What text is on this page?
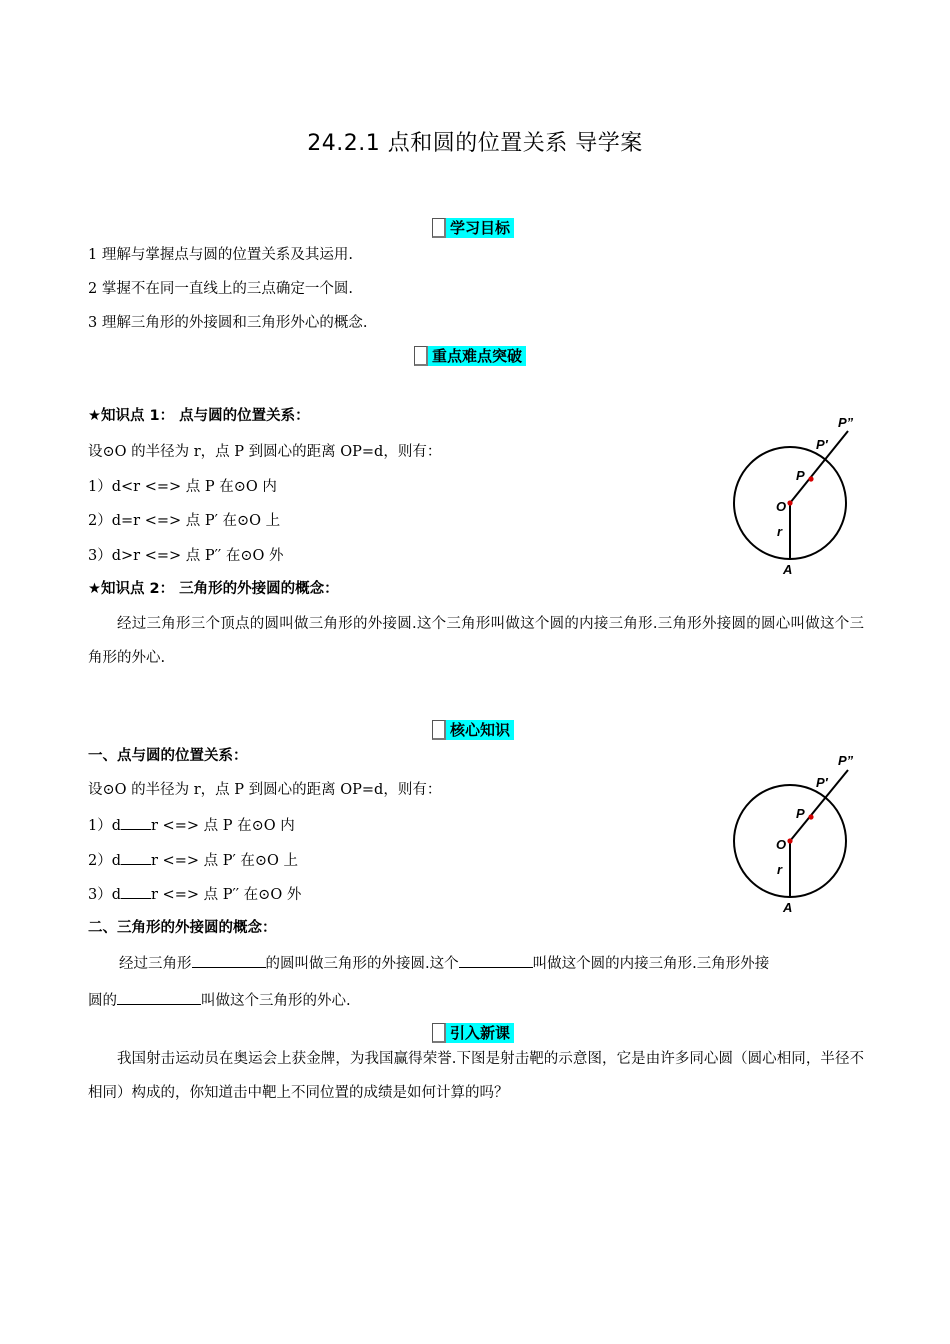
24.2.1 点和圆的位置关系 导学案
学习目标
1 理解与掌握点与圆的位置关系及其运用.
2 掌握不在同一直线上的三点确定一个圆.
3 理解三角形的外接圆和三角形外心的概念.
重点难点突破
★知识点 1： 点与圆的位置关系：
设⊙O 的半径为 r，点 P 到圆心的距离 OP=d，则有：
1）d<r <=> 点 P 在⊙O 内
2）d=r <=> 点 P′ 在⊙O 上
3）d>r <=> 点 P′′ 在⊙O 外
★知识点 2： 三角形的外接圆的概念：
经过三角形三个顶点的圆叫做三角形的外接圆.这个三角形叫做这个圆的内接三角形.三角形外接圆的圆心叫做这个三角形的外心.
P”
P′
P
O
r
A
核心知识
一、点与圆的位置关系：
设⊙O 的半径为 r，点 P 到圆心的距离 OP=d，则有：
1）d r <=> 点 P 在⊙O 内
2）d r <=> 点 P′ 在⊙O 上
3）d r <=> 点 P′′ 在⊙O 外
二、三角形的外接圆的概念：
经过三角形	的圆叫做三角形的外接圆.这个	叫做这个圆的内接三角形.三角形外接
圆的	叫做这个三角形的外心.
P”
P′
P
O
r
A
引入新课
我国射击运动员在奥运会上获金牌，为我国赢得荣誉.下图是射击靶的示意图，它是由许多同心圆（圆心相同，半径不相同）构成的，你知道击中靶上不同位置的成绩是如何计算的吗？
